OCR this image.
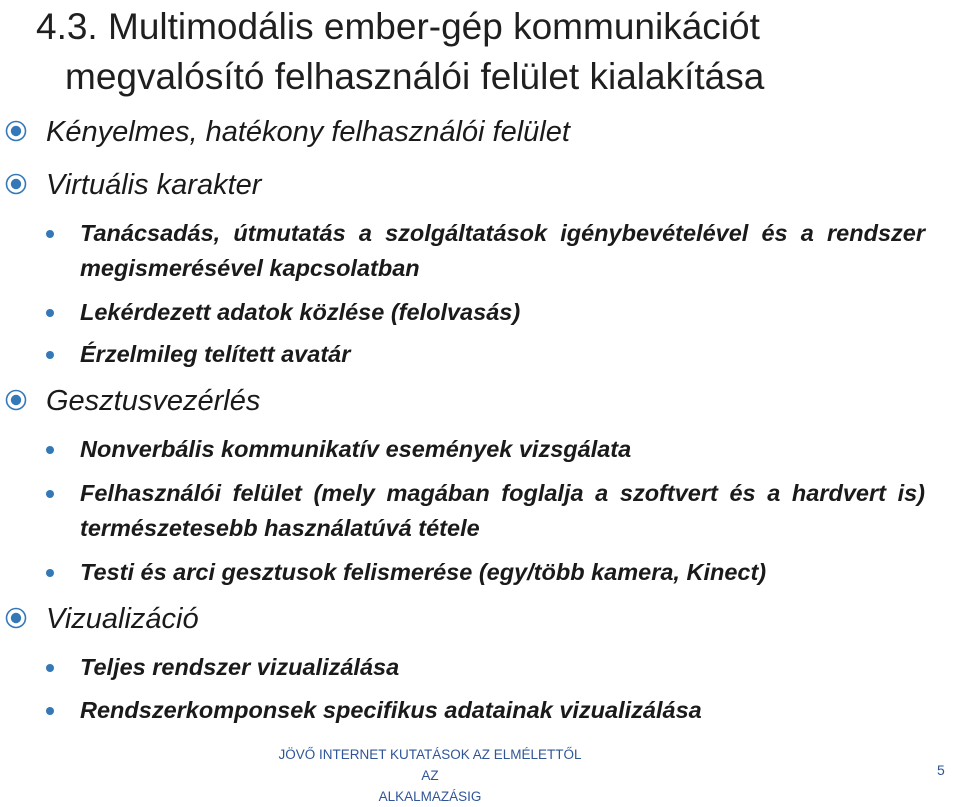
4.3. Multimodális ember-gép kommunikációt
megvalósító felhasználói felület kialakítása
Kényelmes, hatékony felhasználói felület
Virtuális karakter
Tanácsadás, útmutatás a szolgáltatások igénybevételével és a rendszer megismerésével kapcsolatban
Lekérdezett adatok közlése (felolvasás)
Érzelmileg telített avatár
Gesztusvezérlés
Nonverbális kommunikatív események vizsgálata
Felhasználói felület (mely magában foglalja a szoftvert és a hardvert is) természetesebb használatúvá tétele
Testi és arci gesztusok felismerése (egy/több kamera, Kinect)
Vizualizáció
Teljes rendszer vizualizálása
Rendszerkomponsek specifikus adatainak vizualizálása
JÖVŐ INTERNET KUTATÁSOK AZ ELMÉLETTŐL AZ
ALKALMAZÁSIG
5
